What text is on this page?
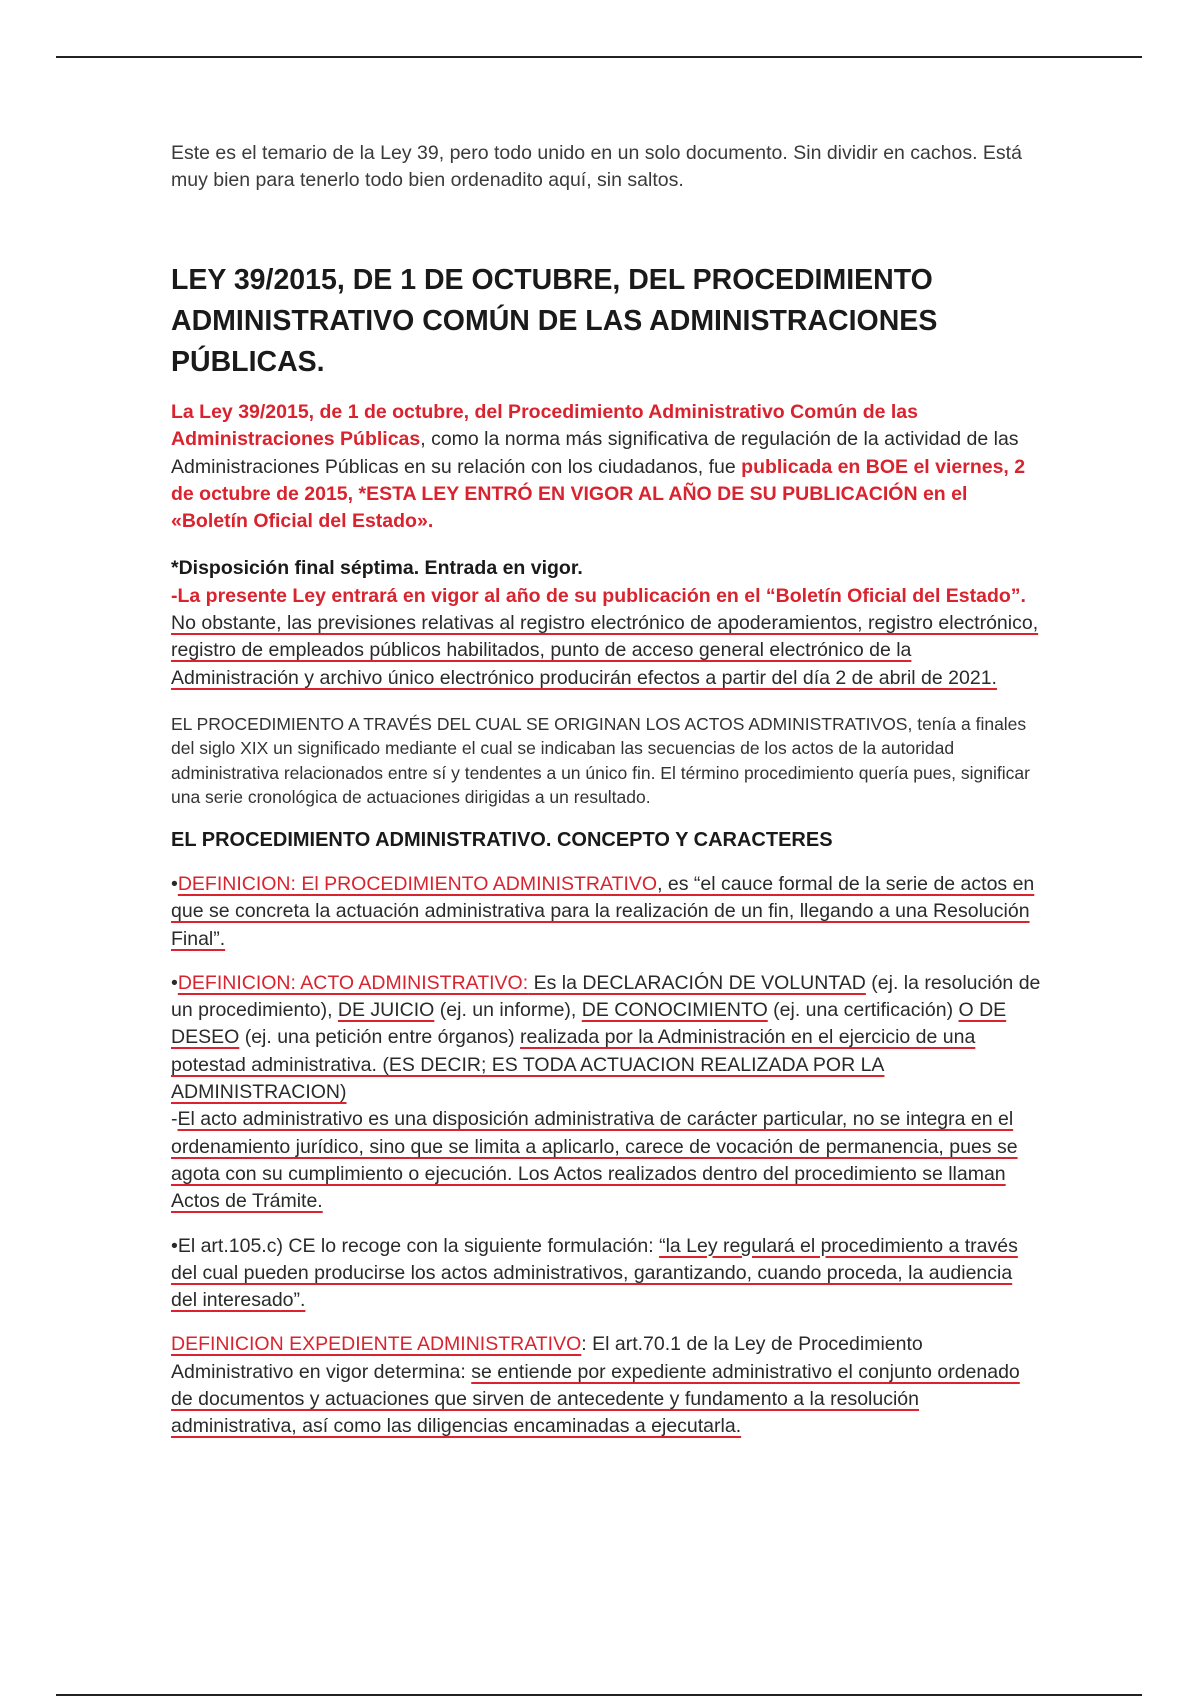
Este es el temario de la Ley 39, pero todo unido en un solo documento. Sin dividir en cachos. Está muy bien para tenerlo todo bien ordenadito aquí, sin saltos.

LEY 39/2015, DE 1 DE OCTUBRE, DEL PROCEDIMIENTO ADMINISTRATIVO COMÚN DE LAS ADMINISTRACIONES PÚBLICAS.

La Ley 39/2015, de 1 de octubre, del Procedimiento Administrativo Común de las Administraciones Públicas, como la norma más significativa de regulación de la actividad de las Administraciones Públicas en su relación con los ciudadanos, fue publicada en BOE el viernes, 2 de octubre de 2015, *ESTA LEY ENTRÓ EN VIGOR AL AÑO DE SU PUBLICACIÓN en el «Boletín Oficial del Estado».

*Disposición final séptima. Entrada en vigor.

-La presente Ley entrará en vigor al año de su publicación en el “Boletín Oficial del Estado”. No obstante, las previsiones relativas al registro electrónico de apoderamientos, registro electrónico, registro de empleados públicos habilitados, punto de acceso general electrónico de la Administración y archivo único electrónico producirán efectos a partir del día 2 de abril de 2021.

EL PROCEDIMIENTO A TRAVÉS DEL CUAL SE ORIGINAN LOS ACTOS ADMINISTRATIVOS, tenía a finales del siglo XIX un significado mediante el cual se indicaban las secuencias de los actos de la autoridad administrativa relacionados entre sí y tendentes a un único fin. El término procedimiento quería pues, significar una serie cronológica de actuaciones dirigidas a un resultado.

EL PROCEDIMIENTO ADMINISTRATIVO. CONCEPTO Y CARACTERES

•DEFINICION: El PROCEDIMIENTO ADMINISTRATIVO, es “el cauce formal de la serie de actos en que se concreta la actuación administrativa para la realización de un fin, llegando a una Resolución Final”.

•DEFINICION: ACTO ADMINISTRATIVO: Es la DECLARACIÓN DE VOLUNTAD (ej. la resolución de un procedimiento), DE JUICIO (ej. un informe), DE CONOCIMIENTO (ej. una certificación) O DE DESEO (ej. una petición entre órganos) realizada por la Administración en el ejercicio de una potestad administrativa. (ES DECIR; ES TODA ACTUACION REALIZADA POR LA ADMINISTRACION)
-El acto administrativo es una disposición administrativa de carácter particular, no se integra en el ordenamiento jurídico, sino que se limita a aplicarlo, carece de vocación de permanencia, pues se agota con su cumplimiento o ejecución. Los Actos realizados dentro del procedimiento se llaman Actos de Trámite.

•El art.105.c) CE lo recoge con la siguiente formulación: “la Ley regulará el procedimiento a través del cual pueden producirse los actos administrativos, garantizando, cuando proceda, la audiencia del interesado”.

DEFINICION EXPEDIENTE ADMINISTRATIVO: El art.70.1 de la Ley de Procedimiento Administrativo en vigor determina: se entiende por expediente administrativo el conjunto ordenado de documentos y actuaciones que sirven de antecedente y fundamento a la resolución administrativa, así como las diligencias encaminadas a ejecutarla.
